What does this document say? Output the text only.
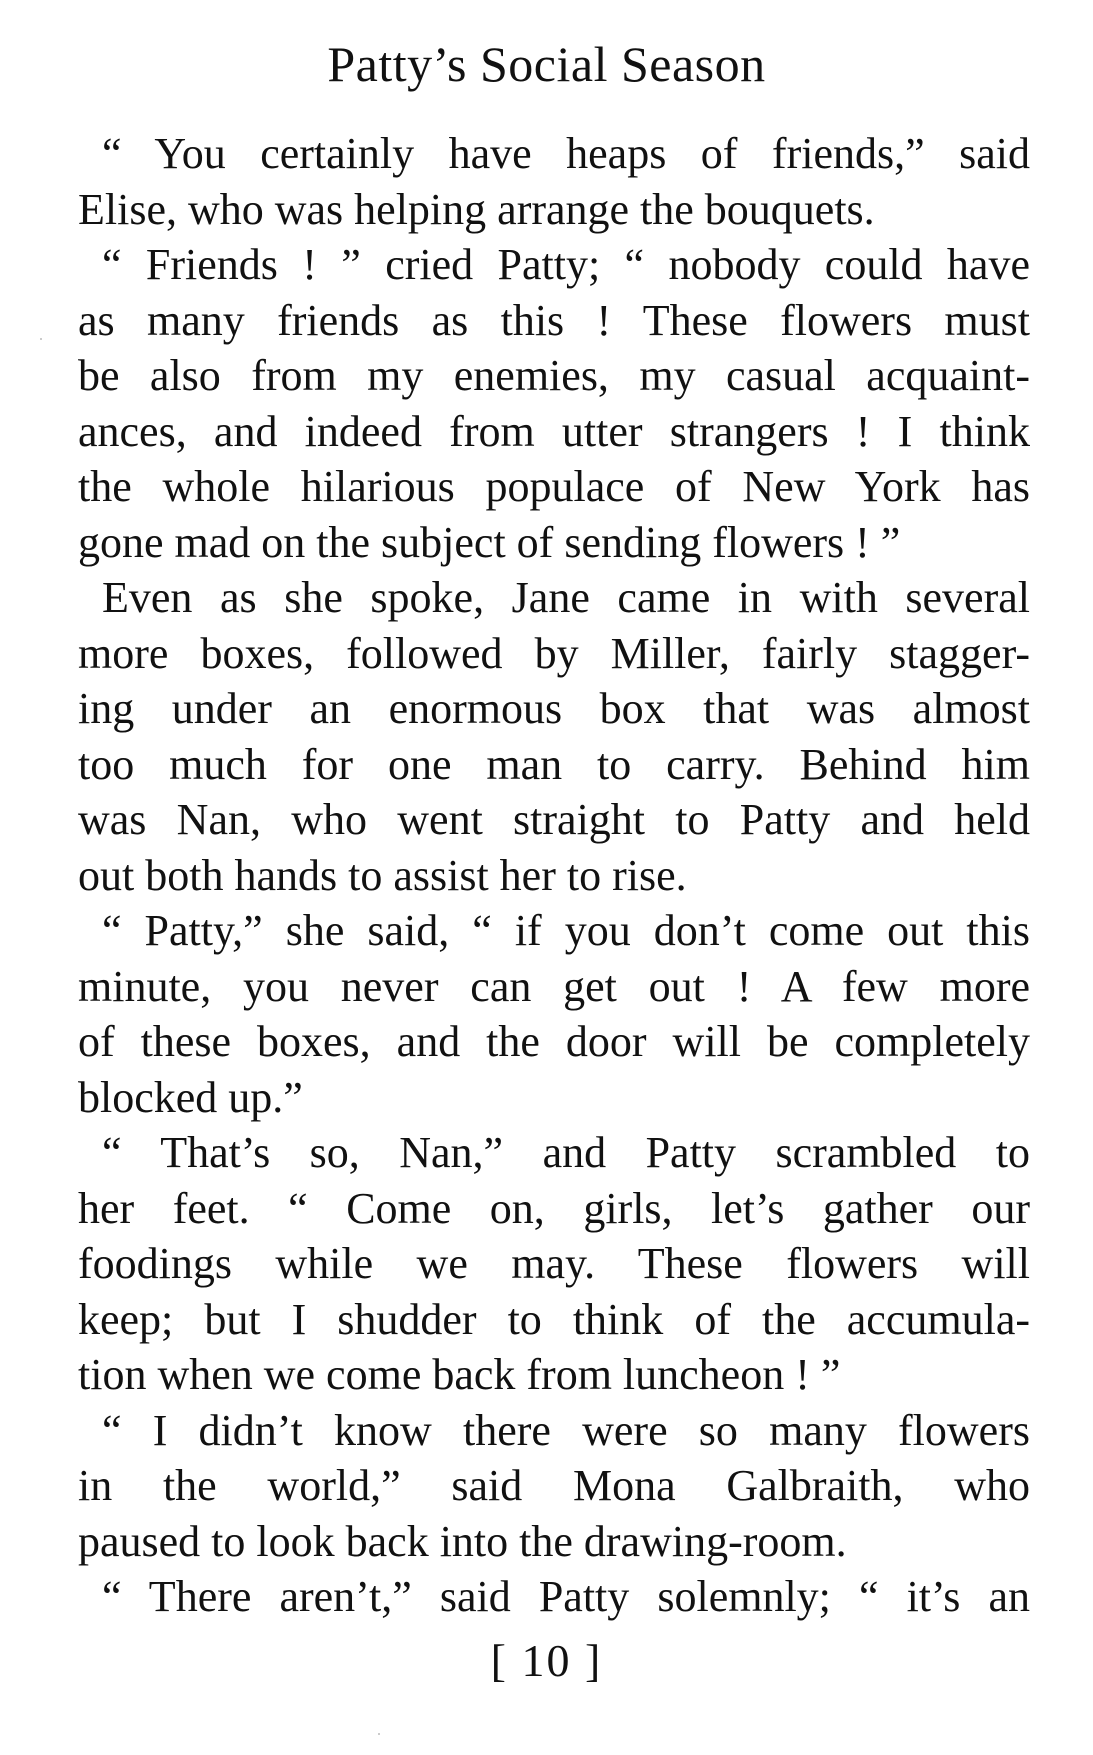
Patty’s Social Season
“ You certainly have heaps of friends,” said
Elise, who was helping arrange the bouquets.
“ Friends ! ” cried Patty; “ nobody could have
as many friends as this ! These flowers must
be also from my enemies, my casual acquaint-
ances, and indeed from utter strangers ! I think
the whole hilarious populace of New York has
gone mad on the subject of sending flowers ! ”
Even as she spoke, Jane came in with several
more boxes, followed by Miller, fairly stagger-
ing under an enormous box that was almost
too much for one man to carry. Behind him
was Nan, who went straight to Patty and held
out both hands to assist her to rise.
“ Patty,” she said, “ if you don’t come out this
minute, you never can get out ! A few more
of these boxes, and the door will be completely
blocked up.”
“ That’s so, Nan,” and Patty scrambled to
her feet. “ Come on, girls, let’s gather our
foodings while we may. These flowers will
keep; but I shudder to think of the accumula-
tion when we come back from luncheon ! ”
“ I didn’t know there were so many flowers
in the world,” said Mona Galbraith, who
paused to look back into the drawing-room.
“ There aren’t,” said Patty solemnly; “ it’s an
[ 10 ]
